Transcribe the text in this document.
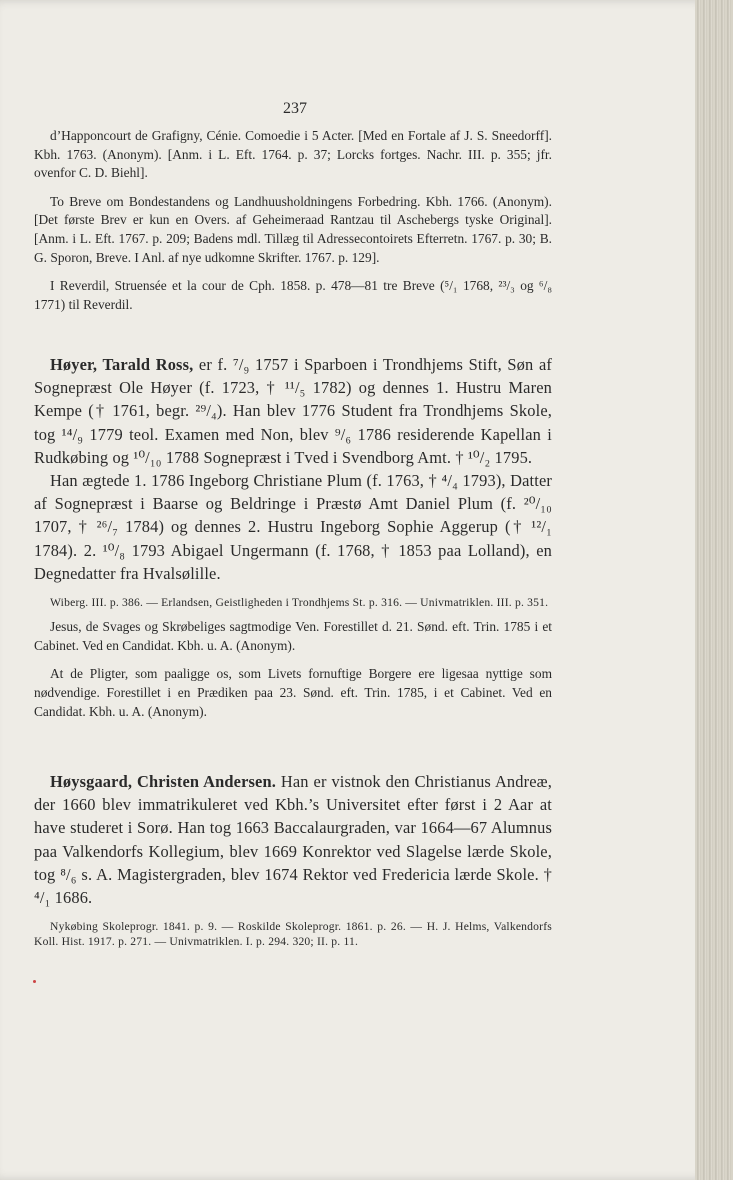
237

d’Happoncourt de Grafigny, Cénie. Comoedie i 5 Acter. [Med en Fortale af J. S. Sneedorff]. Kbh. 1763. (Anonym). [Anm. i L. Eft. 1764. p. 37; Lorcks fortges. Nachr. III. p. 355; jfr. ovenfor C. D. Biehl].

To Breve om Bondestandens og Landhuusholdningens Forbedring. Kbh. 1766. (Anonym). [Det første Brev er kun en Overs. af Geheimeraad Rantzau til Aschebergs tyske Original]. [Anm. i L. Eft. 1767. p. 209; Badens mdl. Tillæg til Adressecontoirets Efterretn. 1767. p. 30; B. G. Sporon, Breve. I Anl. af nye udkomne Skrifter. 1767. p. 129].

I Reverdil, Struensée et la cour de Cph. 1858. p. 478—81 tre Breve (⁵/₁ 1768, ²³/₃ og ⁶/₈ 1771) til Reverdil.

Høyer, Tarald Ross, er f. ⁷/₉ 1757 i Sparboen i Trondhjems Stift, Søn af Sognepræst Ole Høyer (f. 1723, † ¹¹/₅ 1782) og dennes 1. Hustru Maren Kempe († 1761, begr. ²⁹/₄). Han blev 1776 Student fra Trondhjems Skole, tog ¹⁴/₉ 1779 teol. Examen med Non, blev ⁹/₆ 1786 residerende Kapellan i Rudkøbing og ¹⁰/₁₀ 1788 Sognepræst i Tved i Svendborg Amt. † ¹⁰/₂ 1795.

Han ægtede 1. 1786 Ingeborg Christiane Plum (f. 1763, † ⁴/₄ 1793), Datter af Sognepræst i Baarse og Beldringe i Præstø Amt Daniel Plum (f. ²⁰/₁₀ 1707, † ²⁶/₇ 1784) og dennes 2. Hustru Ingeborg Sophie Aggerup († ¹²/₁ 1784). 2. ¹⁰/₈ 1793 Abigael Ungermann (f. 1768, † 1853 paa Lolland), en Degnedatter fra Hvalsølille.

Wiberg. III. p. 386. — Erlandsen, Geistligheden i Trondhjems St. p. 316. — Univmatriklen. III. p. 351.

Jesus, de Svages og Skrøbeliges sagtmodige Ven. Forestillet d. 21. Sønd. eft. Trin. 1785 i et Cabinet. Ved en Candidat. Kbh. u. A. (Anonym).

At de Pligter, som paaligge os, som Livets fornuftige Borgere ere ligesaa nyttige som nødvendige. Forestillet i en Prædiken paa 23. Sønd. eft. Trin. 1785, i et Cabinet. Ved en Candidat. Kbh. u. A. (Anonym).

Høysgaard, Christen Andersen. Han er vistnok den Christianus Andreæ, der 1660 blev immatrikuleret ved Kbh.’s Universitet efter først i 2 Aar at have studeret i Sorø. Han tog 1663 Baccalaurgraden, var 1664—67 Alumnus paa Valkendorfs Kollegium, blev 1669 Konrektor ved Slagelse lærde Skole, tog ⁸/₆ s. A. Magistergraden, blev 1674 Rektor ved Fredericia lærde Skole. † ⁴/₁ 1686.

Nykøbing Skoleprogr. 1841. p. 9. — Roskilde Skoleprogr. 1861. p. 26. — H. J. Helms, Valkendorfs Koll. Hist. 1917. p. 271. — Univmatriklen. I. p. 294. 320; II. p. 11.
